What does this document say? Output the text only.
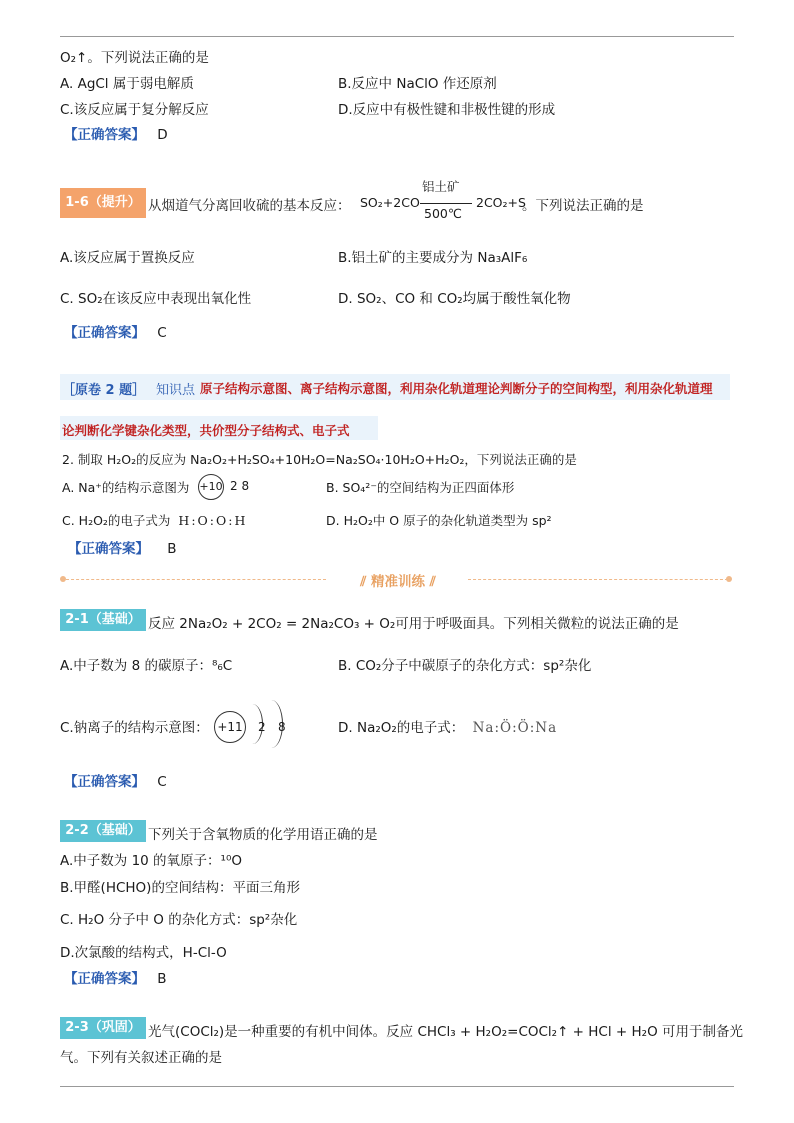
O₂↑。下列说法正确的是
A. AgCl 属于弱电解质	B.反应中 NaClO 作还原剂
C.该反应属于复分解反应	D.反应中有极性键和非极性键的形成
【正确答案】 D
1-6（提升） 从烟道气分离回收硫的基本反应： SO₂+2CO
铝土矿
500℃
2CO₂+S
。下列说法正确的是
A.该反应属于置换反应	B.铝土矿的主要成分为 Na₃AlF₆
C. SO₂在该反应中表现出氧化性	D. SO₂、CO 和 CO₂均属于酸性氧化物
【正确答案】 C
［原卷 2 题］ 知识点 原子结构示意图、离子结构示意图，利用杂化轨道理论判断分子的空间构型，利用杂化轨道理
论判断化学键杂化类型，共价型分子结构式、电子式
2. 制取 H₂O₂的反应为 Na₂O₂+H₂SO₄+10H₂O=Na₂SO₄·10H₂O+H₂O₂，下列说法正确的是
A. Na⁺的结构示意图为 +10 2 8	B. SO₄²⁻的空间结构为正四面体形
C. H₂O₂的电子式为 H:O:O:H	D. H₂O₂中 O 原子的杂化轨道类型为 sp²
【正确答案】 B
⫽ 精准训练 ⫽
2-1（基础） 反应 2Na₂O₂ + 2CO₂ = 2Na₂CO₃ + O₂可用于呼吸面具。下列相关微粒的说法正确的是
A.中子数为 8 的碳原子：⁸₆C	B. CO₂分子中碳原子的杂化方式：sp²杂化
C.钠离子的结构示意图： +11 2 8	D. Na₂O₂的电子式： Na:Ö:Ö:Na
【正确答案】 C
2-2（基础） 下列关于含氧物质的化学用语正确的是
A.中子数为 10 的氧原子：¹⁰O
B.甲醛(HCHO)的空间结构：平面三角形
C. H₂O 分子中 O 的杂化方式：sp²杂化
D.次氯酸的结构式，H-Cl-O
【正确答案】 B
2-3（巩固） 光气(COCl₂)是一种重要的有机中间体。反应 CHCl₃ + H₂O₂=COCl₂↑ + HCl + H₂O 可用于制备光
气。下列有关叙述正确的是
